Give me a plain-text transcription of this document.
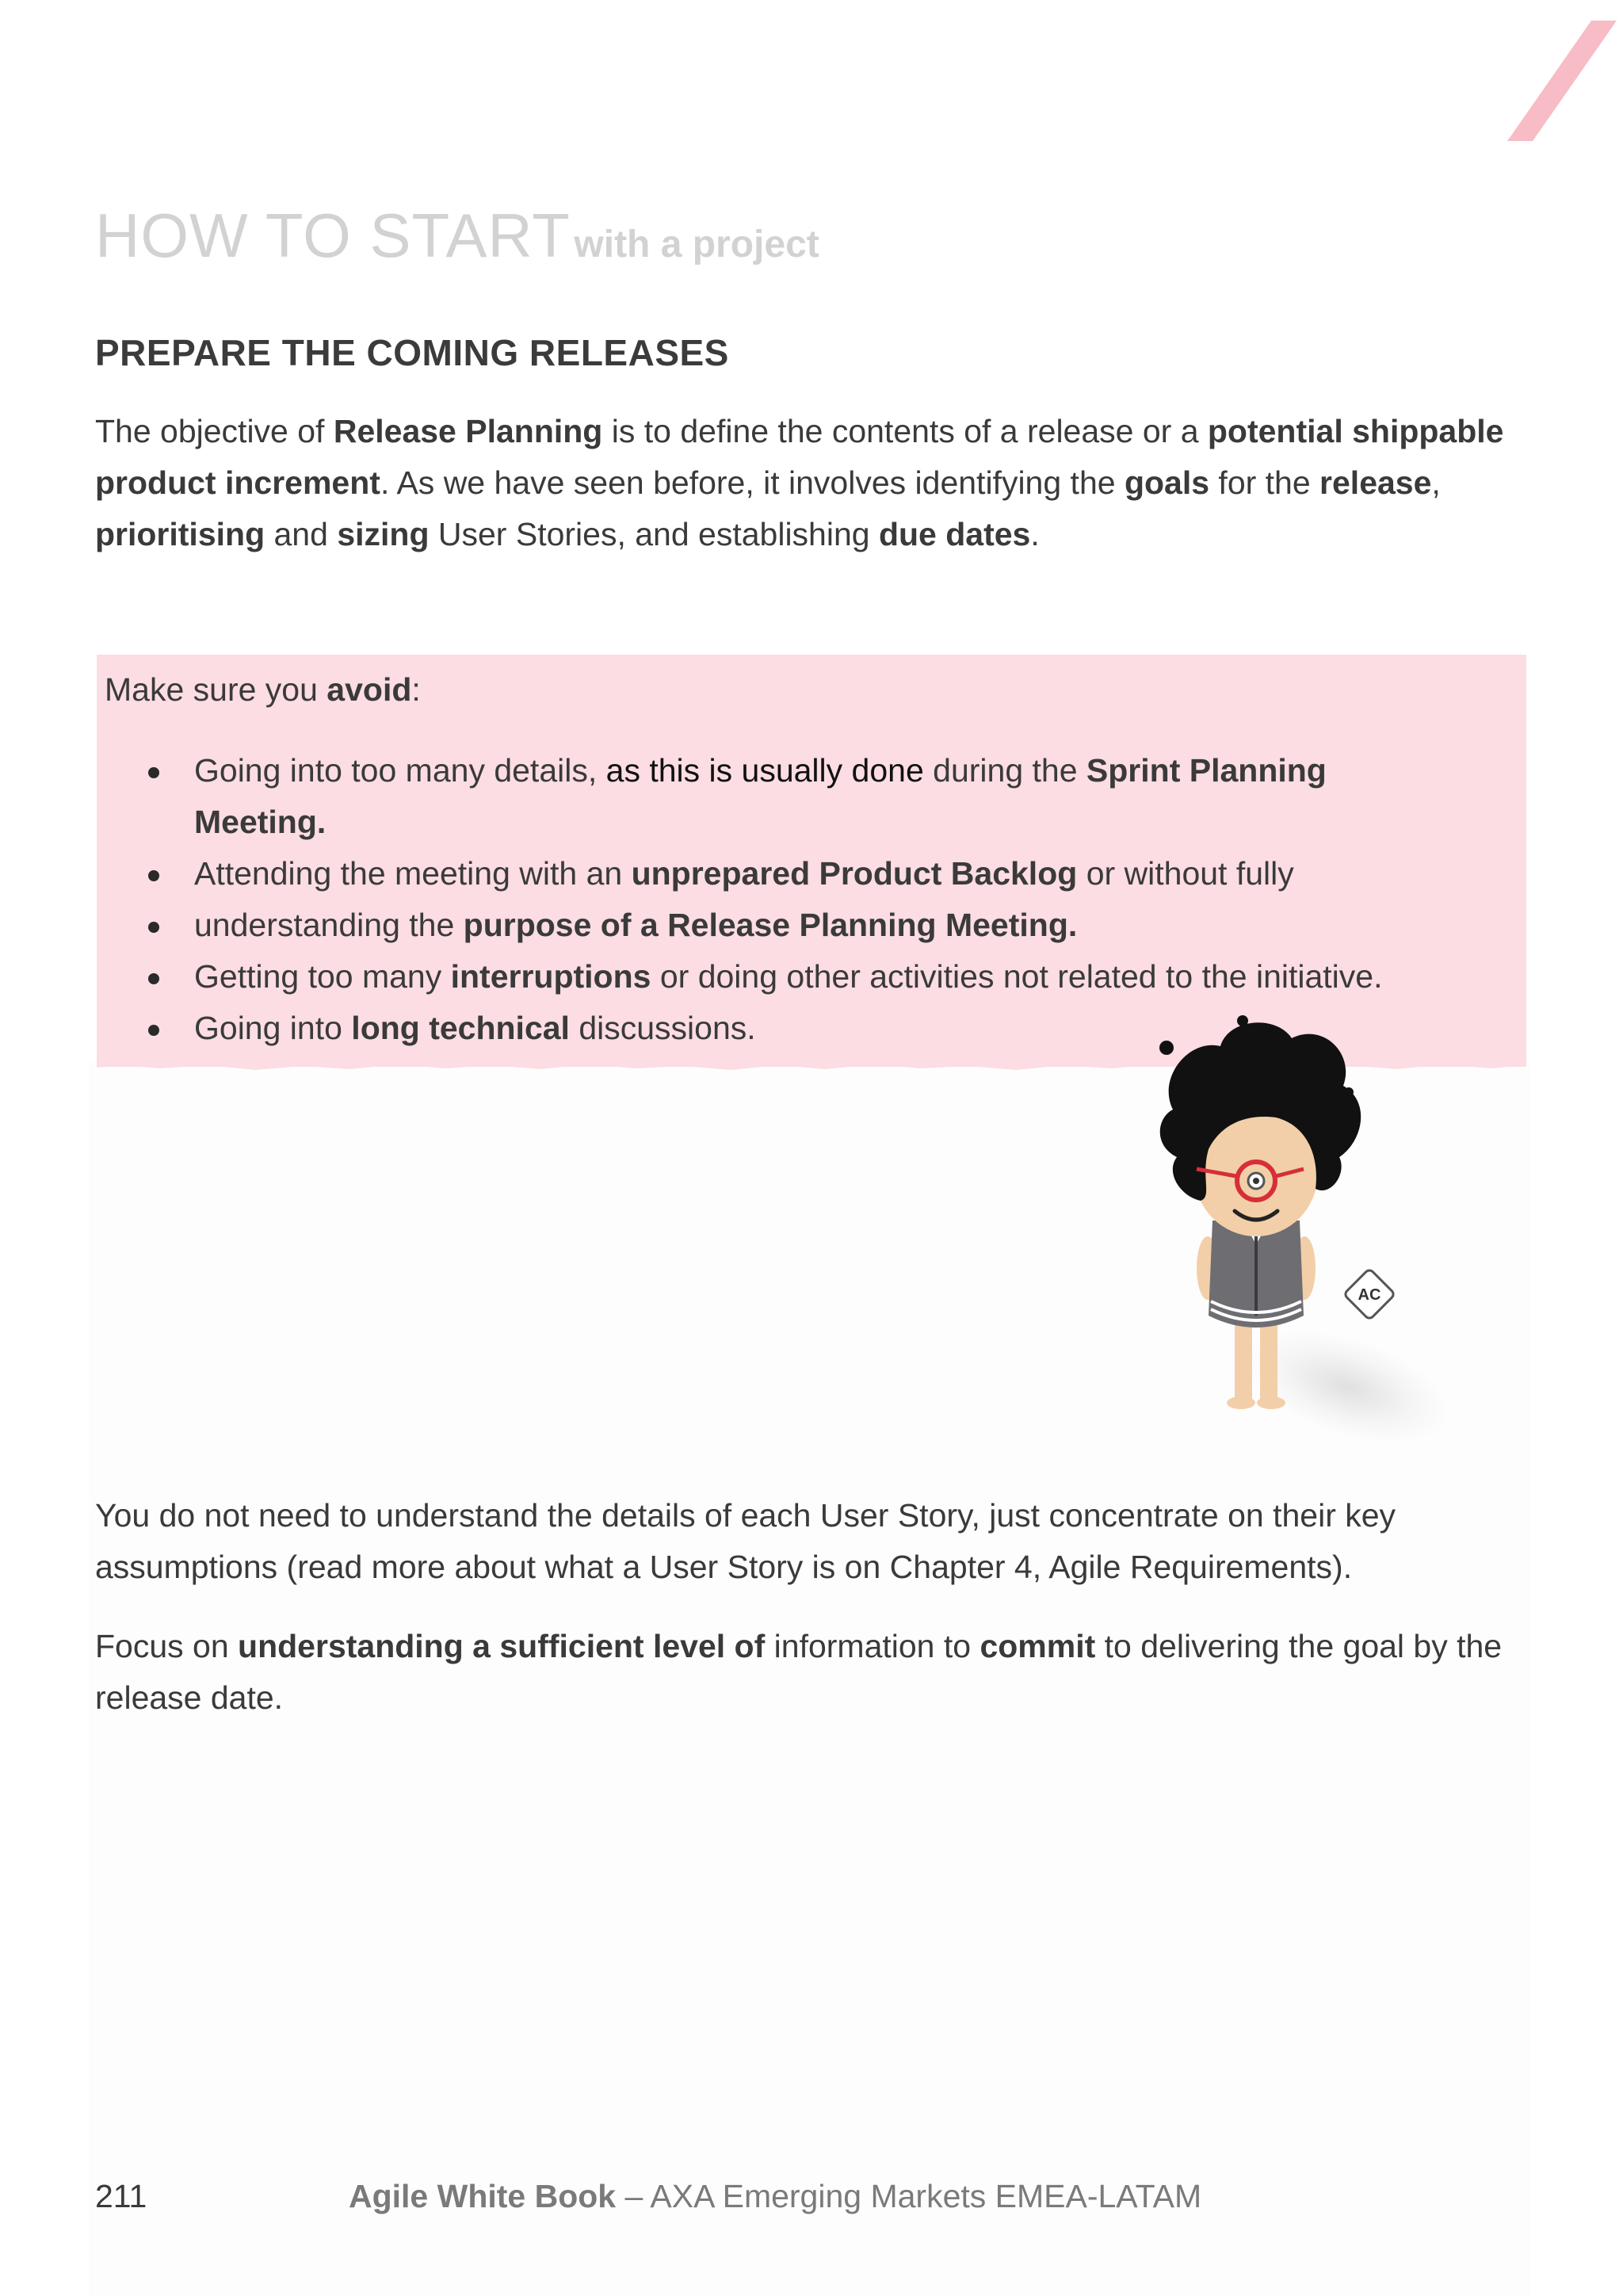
HOW TO START with a project
PREPARE THE COMING RELEASES

The objective of Release Planning is to define the contents of a release or a potential shippable product increment. As we have seen before, it involves identifying the goals for the release, prioritising and sizing User Stories, and establishing due dates.

Make sure you avoid:

Going into too many details, as this is usually done during the Sprint Planning Meeting.
Attending the meeting with an unprepared Product Backlog or without fully
understanding the purpose of a Release Planning Meeting.
Getting too many interruptions or doing other activities not related to the initiative.
Going into long technical discussions.
AC

You do not need to understand the details of each User Story, just concentrate on their key assumptions (read more about what a User Story is on Chapter 4, Agile Requirements).

Focus on understanding a sufficient level of information to commit to delivering the goal by the release date.

211	Agile White Book – AXA Emerging Markets EMEA-LATAM
